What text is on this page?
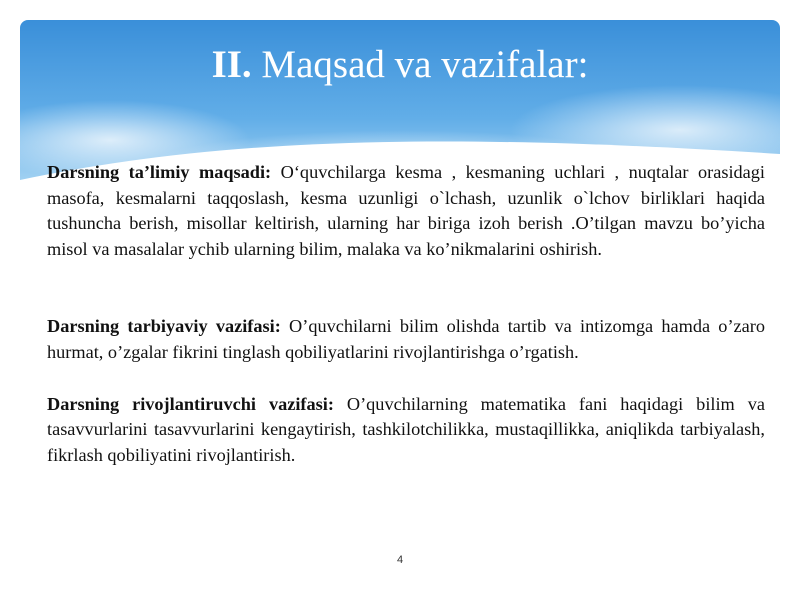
II. Maqsad va vazifalar:

Darsning ta’limiy maqsadi: O‘quvchilarga kesma , kesmaning uchlari , nuqtalar orasidagi masofa, kesmalarni taqqoslash, kesma uzunligi o`lchash, uzunlik o`lchov birliklari haqida tushuncha berish, misollar keltirish, ularning har biriga izoh berish .O’tilgan mavzu bo’yicha misol va masalalar ychib ularning bilim, malaka va ko’nikmalarini oshirish.

Darsning tarbiyaviy vazifasi: O’quvchilarni bilim olishda tartib va intizomga hamda o’zaro hurmat, o’zgalar fikrini tinglash qobiliyatlarini rivojlantirishga o’rgatish.

Darsning rivojlantiruvchi vazifasi: O’quvchilarning matematika fani haqidagi bilim va tasavvurlarini tasavvurlarini kengaytirish, tashkilotchilikka, mustaqillikka, aniqlikda tarbiyalash, fikrlash qobiliyatini rivojlantirish.

4
